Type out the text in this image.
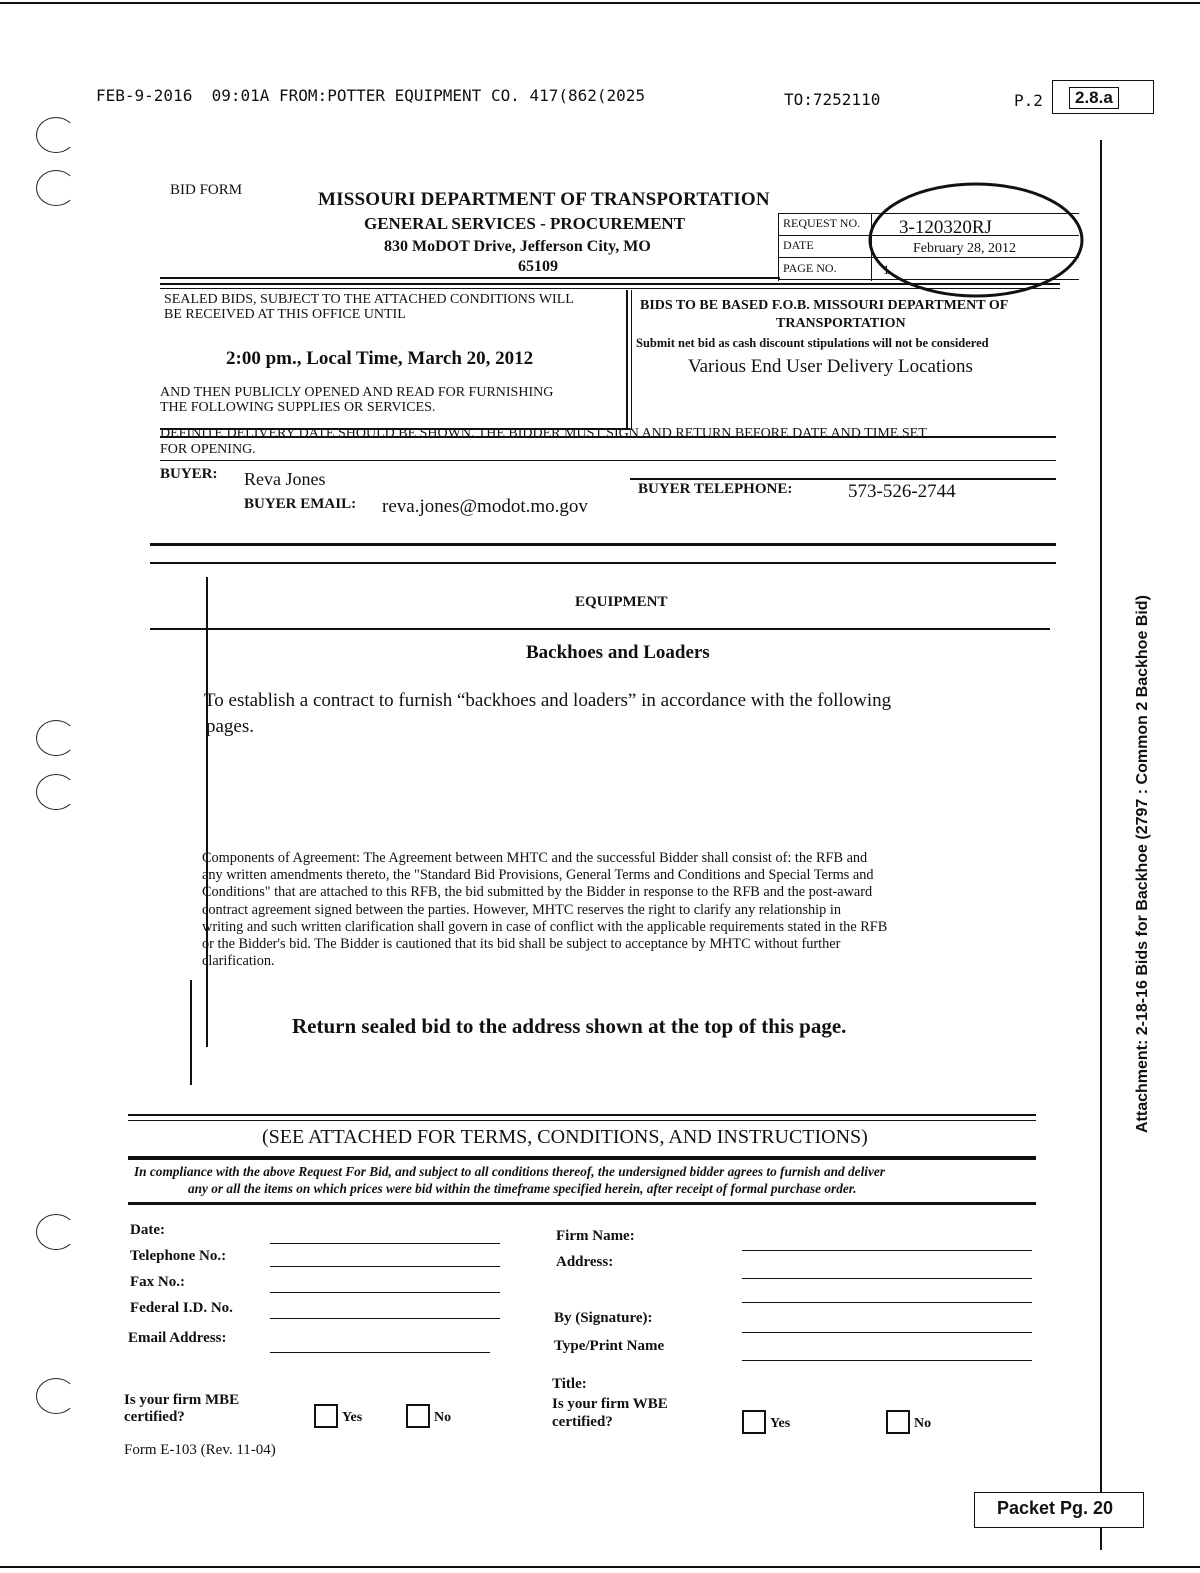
FEB-9-2016  09:01A FROM:POTTER EQUIPMENT CO. 417(862(2025	TO:7252110	P.2	2.8.a
BID FORM	MISSOURI DEPARTMENT OF TRANSPORTATION
GENERAL SERVICES - PROCUREMENT
830 MoDOT Drive, Jefferson City, MO
65109
REQUEST NO. 3-120320RJ
DATE	February 28, 2012
PAGE NO.	1
SEALED BIDS, SUBJECT TO THE ATTACHED CONDITIONS WILL
BE RECEIVED AT THIS OFFICE UNTIL
2:00 pm., Local Time, March 20, 2012
AND THEN PUBLICLY OPENED AND READ FOR FURNISHING
THE FOLLOWING SUPPLIES OR SERVICES.
BIDS TO BE BASED F.O.B. MISSOURI DEPARTMENT OF
TRANSPORTATION
Submit net bid as cash discount stipulations will not be considered
Various End User Delivery Locations
DEFINITE DELIVERY DATE SHOULD BE SHOWN. THE BIDDER MUST SIGN AND RETURN BEFORE DATE AND TIME SET
FOR OPENING.
BUYER: Reva Jones
BUYER EMAIL: reva.jones@modot.mo.gov
BUYER TELEPHONE:	573-526-2744
EQUIPMENT
Backhoes and Loaders
To establish a contract to furnish “backhoes and loaders” in accordance with the following
pages.
Components of Agreement: The Agreement between MHTC and the successful Bidder shall consist of: the RFB and
any written amendments thereto, the "Standard Bid Provisions, General Terms and Conditions and Special Terms and
Conditions" that are attached to this RFB, the bid submitted by the Bidder in response to the RFB and the post-award
contract agreement signed between the parties. However, MHTC reserves the right to clarify any relationship in
writing and such written clarification shall govern in case of conflict with the applicable requirements stated in the RFB
or the Bidder's bid. The Bidder is cautioned that its bid shall be subject to acceptance by MHTC without further
clarification.
Return sealed bid to the address shown at the top of this page.
(SEE ATTACHED FOR TERMS, CONDITIONS, AND INSTRUCTIONS)
In compliance with the above Request For Bid, and subject to all conditions thereof, the undersigned bidder agrees to furnish and deliver
any or all the items on which prices were bid within the timeframe specified herein, after receipt of formal purchase order.
Date:
Telephone No.:
Fax No.:
Federal I.D. No.
Email Address:
Firm Name:
Address:
By (Signature):
Type/Print Name
Title:
Is your firm MBE
certified?	Yes	No
Is your firm WBE
certified?	Yes	No
Form E-103 (Rev. 11-04)
Attachment: 2-18-16 Bids for Backhoe (2797 : Common 2 Backhoe Bid)
Packet Pg. 20
